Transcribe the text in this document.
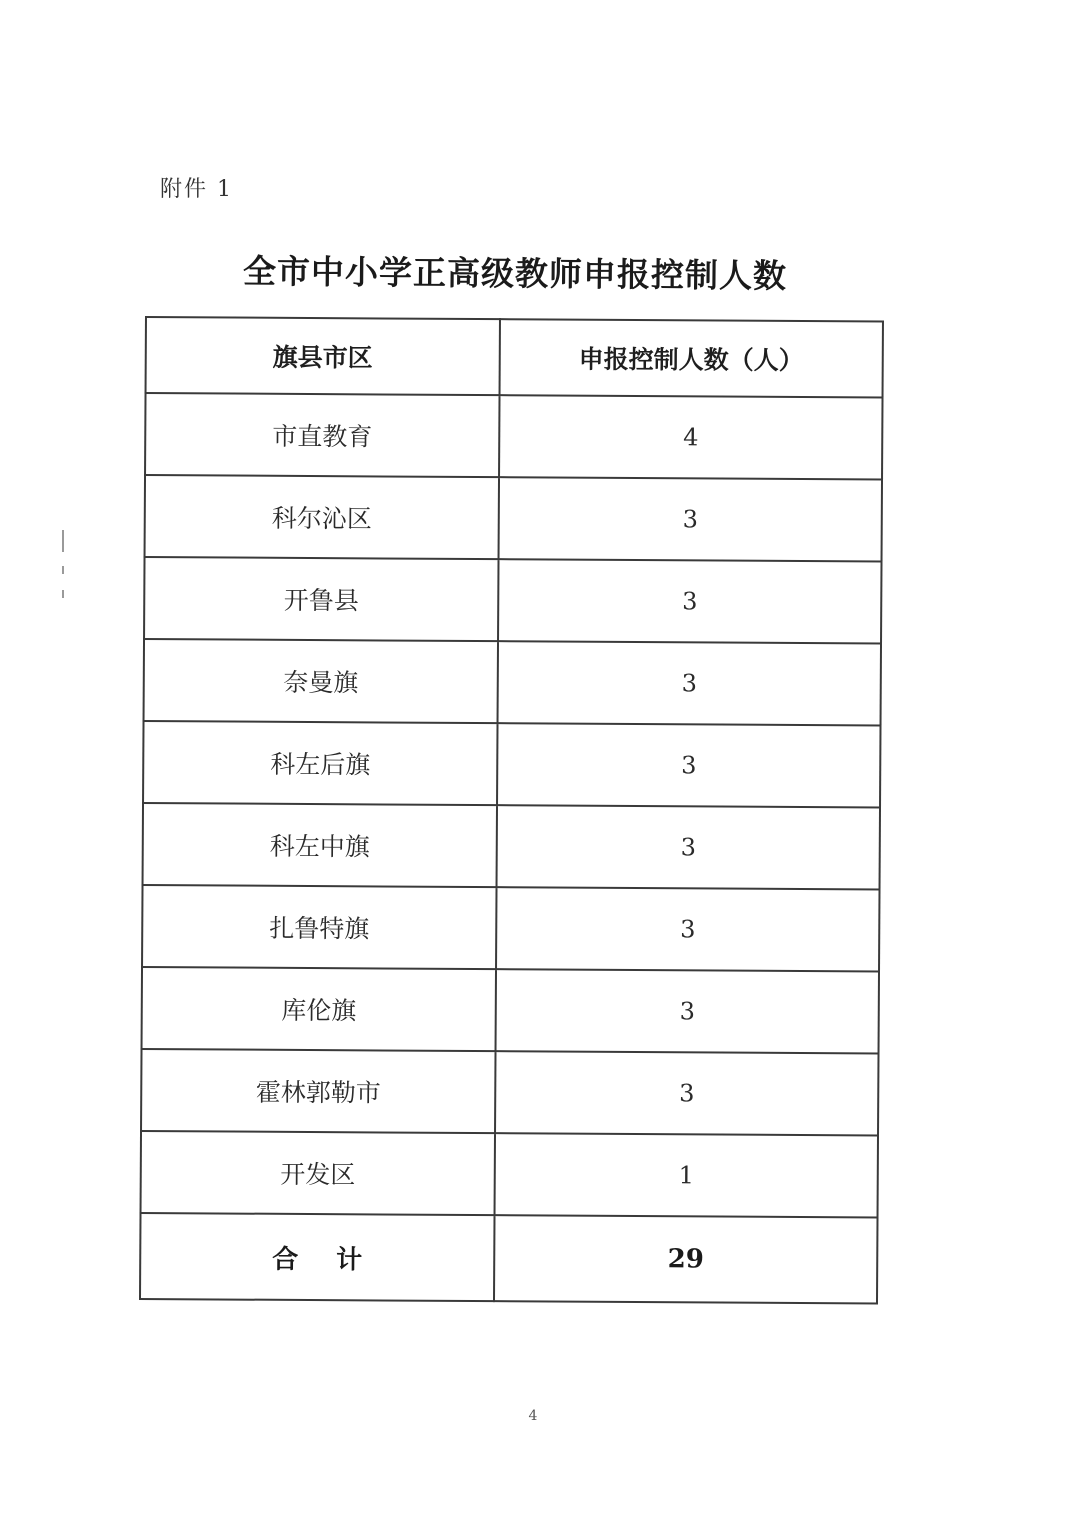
附件 1
全市中小学正高级教师申报控制人数
旗县市区	申报控制人数（人）
市直教育	4
科尔沁区	3
开鲁县	3
奈曼旗	3
科左后旗	3
科左中旗	3
扎鲁特旗	3
库伦旗	3
霍林郭勒市	3
开发区	1
合计	29
4
